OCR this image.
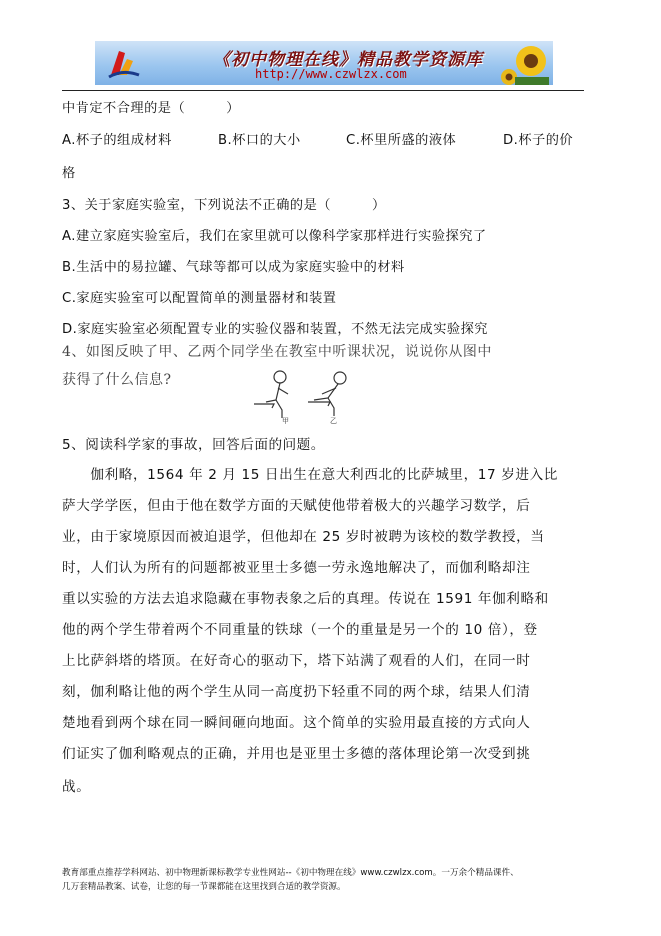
《初中物理在线》精品教学资源库
http://www.czwlzx.com
中肯定不合理的是（　　　）
A.杯子的组成材料	B.杯口的大小	C.杯里所盛的液体	D.杯子的价
格
3、关于家庭实验室，下列说法不正确的是（　　　）
A.建立家庭实验室后，我们在家里就可以像科学家那样进行实验探究了
B.生活中的易拉罐、气球等都可以成为家庭实验中的材料
C.家庭实验室可以配置简单的测量器材和装置
D.家庭实验室必须配置专业的实验仪器和装置，不然无法完成实验探究
4、如图反映了甲、乙两个同学坐在教室中听课状况，说说你从图中
获得了什么信息?
甲	乙
5、阅读科学家的事故，回答后面的问题。
　　伽利略，1564 年 2 月 15 日出生在意大利西北的比萨城里，17 岁进入比
萨大学学医，但由于他在数学方面的天赋使他带着极大的兴趣学习数学，后
业，由于家境原因而被迫退学，但他却在 25 岁时被聘为该校的数学教授，当
时，人们认为所有的问题都被亚里士多德一劳永逸地解决了，而伽利略却注
重以实验的方法去追求隐藏在事物表象之后的真理。传说在 1591 年伽利略和
他的两个学生带着两个不同重量的铁球（一个的重量是另一个的 10 倍），登
上比萨斜塔的塔顶。在好奇心的驱动下，塔下站满了观看的人们，在同一时
刻，伽利略让他的两个学生从同一高度扔下轻重不同的两个球，结果人们清
楚地看到两个球在同一瞬间砸向地面。这个简单的实验用最直接的方式向人
们证实了伽利略观点的正确，并用也是亚里士多德的落体理论第一次受到挑
战。
教育部重点推荐学科网站、初中物理新课标教学专业性网站--《初中物理在线》www.czwlzx.com。一万余个精品课件、
几万套精品教案、试卷，让您的每一节课都能在这里找到合适的教学资源。
